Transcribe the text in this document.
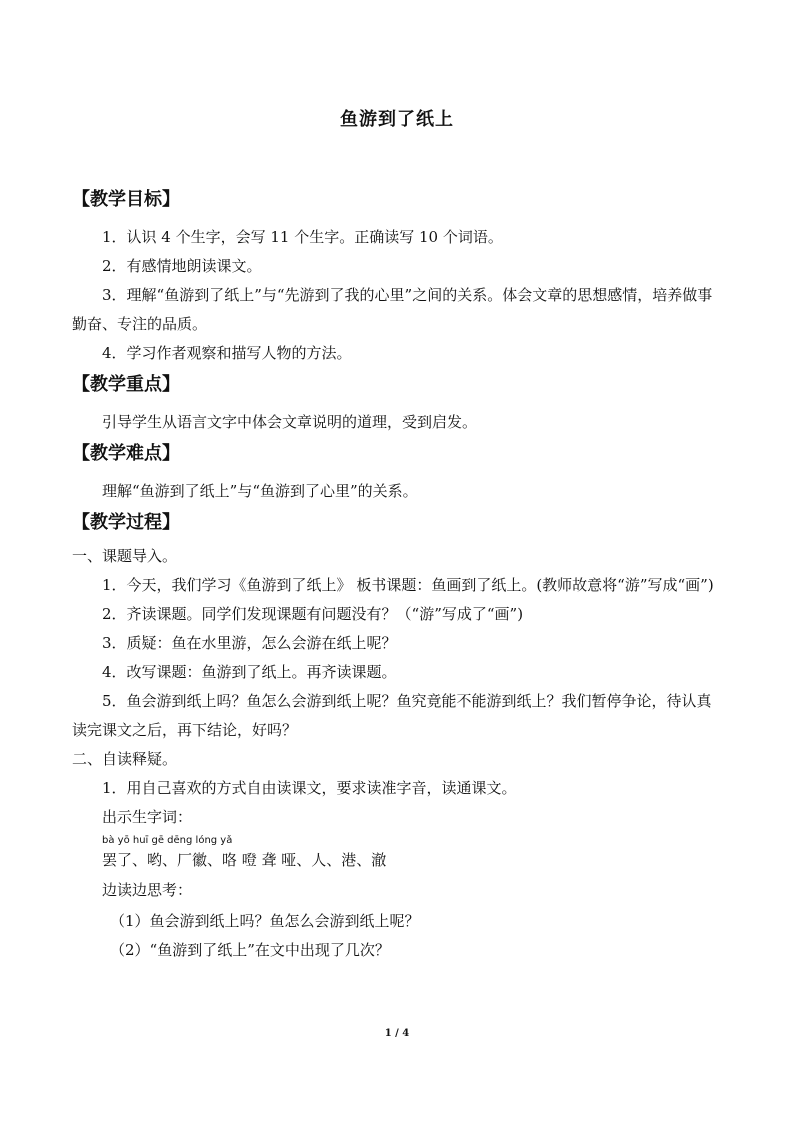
鱼游到了纸上

【教学目标】

1．认识 4 个生字，会写 11 个生字。正确读写 10 个词语。

2．有感情地朗读课文。

3．理解“鱼游到了纸上”与“先游到了我的心里”之间的关系。体会文章的思想感情，培养做事勤奋、专注的品质。

4．学习作者观察和描写人物的方法。

【教学重点】

引导学生从语言文字中体会文章说明的道理，受到启发。

【教学难点】

理解“鱼游到了纸上”与“鱼游到了心里”的关系。

【教学过程】

一、课题导入。

1．今天，我们学习《鱼游到了纸上》 板书课题：鱼画到了纸上。(教师故意将“游”写成“画”)

2．齐读课题。同学们发现课题有问题没有？（“游”写成了“画”)

3．质疑：鱼在水里游，怎么会游在纸上呢？

4．改写课题：鱼游到了纸上。再齐读课题。

5．鱼会游到纸上吗？鱼怎么会游到纸上呢？鱼究竟能不能游到纸上？我们暂停争论，待认真读完课文之后，再下结论，好吗？

二、自读释疑。

1．用自己喜欢的方式自由读课文，要求读准字音，读通课文。

出示生字词：

bà yō huī gē dēng lóng yǎ
罢了、哟、厂徽、咯 噔 聋 哑、人、港、澈

边读边思考：

（1）鱼会游到纸上吗？鱼怎么会游到纸上呢？

（2）“鱼游到了纸上”在文中出现了几次？

1 / 4
